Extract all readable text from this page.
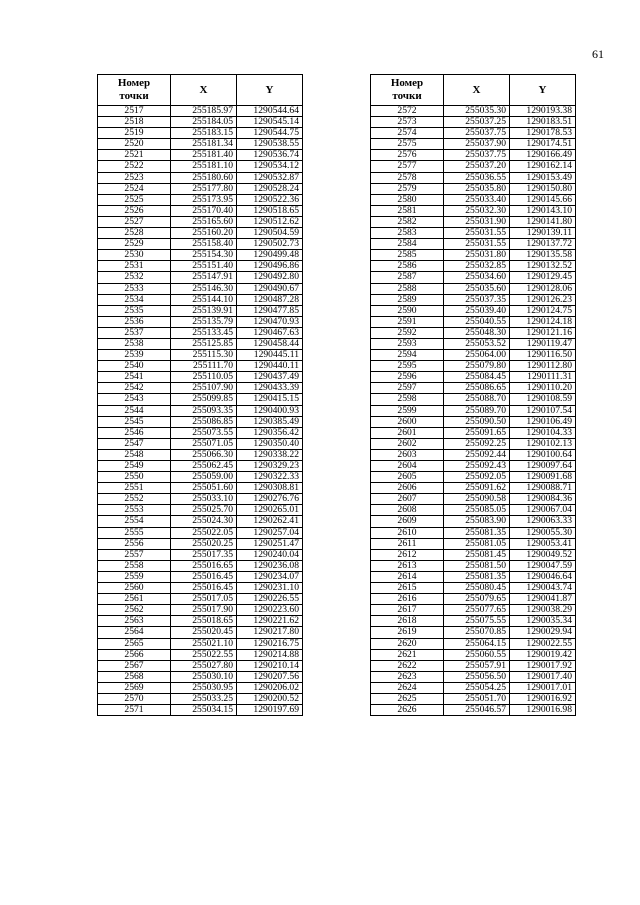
61
Номер
точки	X	Y
2517	255185.97	1290544.64
2518	255184.05	1290545.14
2519	255183.15	1290544.75
2520	255181.34	1290538.55
2521	255181.40	1290536.74
2522	255181.10	1290534.12
2523	255180.60	1290532.87
2524	255177.80	1290528.24
2525	255173.95	1290522.36
2526	255170.40	1290518.65
2527	255165.60	1290512.62
2528	255160.20	1290504.59
2529	255158.40	1290502.73
2530	255154.30	1290499.48
2531	255151.40	1290496.86
2532	255147.91	1290492.80
2533	255146.30	1290490.67
2534	255144.10	1290487.28
2535	255139.91	1290477.85
2536	255135.79	1290470.93
2537	255133.45	1290467.63
2538	255125.85	1290458.44
2539	255115.30	1290445.11
2540	255111.70	1290440.11
2541	255110.05	1290437.49
2542	255107.90	1290433.39
2543	255099.85	1290415.15
2544	255093.35	1290400.93
2545	255086.85	1290385.49
2546	255073.55	1290356.42
2547	255071.05	1290350.40
2548	255066.30	1290338.22
2549	255062.45	1290329.23
2550	255059.00	1290322.33
2551	255051.60	1290308.81
2552	255033.10	1290276.76
2553	255025.70	1290265.01
2554	255024.30	1290262.41
2555	255022.05	1290257.04
2556	255020.25	1290251.47
2557	255017.35	1290240.04
2558	255016.65	1290236.08
2559	255016.45	1290234.07
2560	255016.45	1290231.10
2561	255017.05	1290226.55
2562	255017.90	1290223.60
2563	255018.65	1290221.62
2564	255020.45	1290217.80
2565	255021.10	1290216.75
2566	255022.55	1290214.88
2567	255027.80	1290210.14
2568	255030.10	1290207.56
2569	255030.95	1290206.02
2570	255033.25	1290200.52
2571	255034.15	1290197.69
Номер
точки	X	Y
2572	255035.30	1290193.38
2573	255037.25	1290183.51
2574	255037.75	1290178.53
2575	255037.90	1290174.51
2576	255037.75	1290166.49
2577	255037.20	1290162.14
2578	255036.55	1290153.49
2579	255035.80	1290150.80
2580	255033.40	1290145.66
2581	255032.30	1290143.10
2582	255031.90	1290141.80
2583	255031.55	1290139.11
2584	255031.55	1290137.72
2585	255031.80	1290135.58
2586	255032.85	1290132.52
2587	255034.60	1290129.45
2588	255035.60	1290128.06
2589	255037.35	1290126.23
2590	255039.40	1290124.75
2591	255040.55	1290124.18
2592	255048.30	1290121.16
2593	255053.52	1290119.47
2594	255064.00	1290116.50
2595	255079.80	1290112.80
2596	255084.45	1290111.31
2597	255086.65	1290110.20
2598	255088.70	1290108.59
2599	255089.70	1290107.54
2600	255090.50	1290106.49
2601	255091.65	1290104.33
2602	255092.25	1290102.13
2603	255092.44	1290100.64
2604	255092.43	1290097.64
2605	255092.05	1290091.68
2606	255091.62	1290088.71
2607	255090.58	1290084.36
2608	255085.05	1290067.04
2609	255083.90	1290063.33
2610	255081.35	1290055.30
2611	255081.05	1290053.41
2612	255081.45	1290049.52
2613	255081.50	1290047.59
2614	255081.35	1290046.64
2615	255080.45	1290043.74
2616	255079.65	1290041.87
2617	255077.65	1290038.29
2618	255075.55	1290035.34
2619	255070.85	1290029.94
2620	255064.15	1290022.55
2621	255060.55	1290019.42
2622	255057.91	1290017.92
2623	255056.50	1290017.40
2624	255054.25	1290017.01
2625	255051.70	1290016.92
2626	255046.57	1290016.98
